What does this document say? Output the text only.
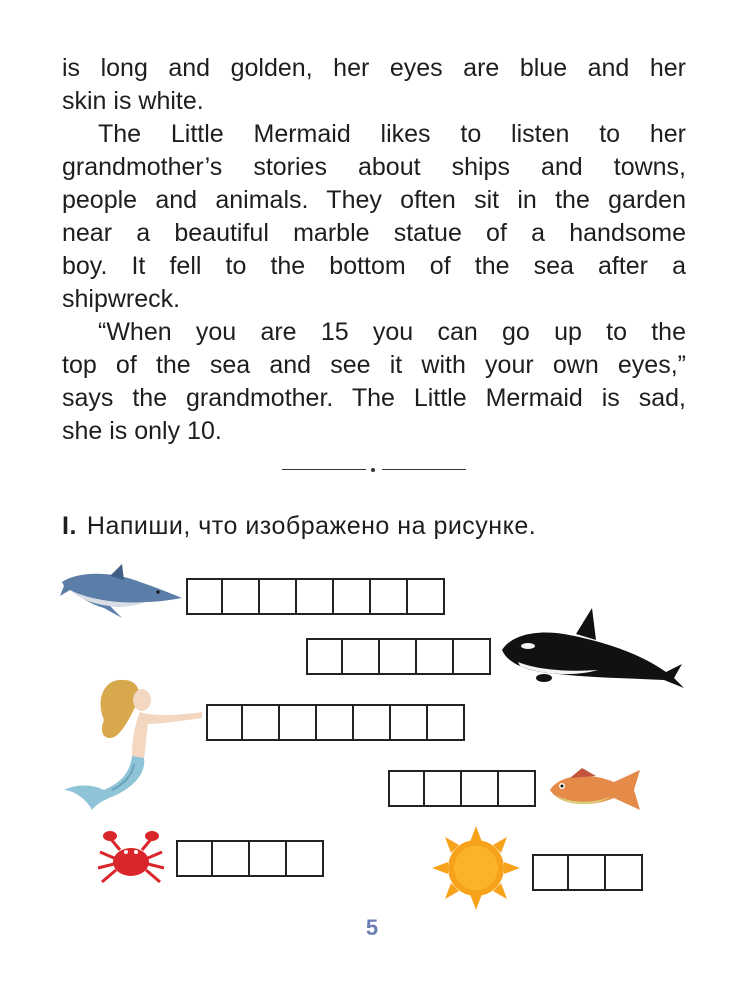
is long and golden, her eyes are blue and her
skin is white.

The Little Mermaid likes to listen to her
grandmother’s stories about ships and towns,
people and animals. They often sit in the garden
near a beautiful marble statue of a handsome
boy. It fell to the bottom of the sea after a
shipwreck.

“When you are 15 you can go up to the
top of the sea and see it with your own eyes,”
says the grandmother. The Little Mermaid is sad,
she is only 10.

I. Напиши, что изображено на рисунке.
5
